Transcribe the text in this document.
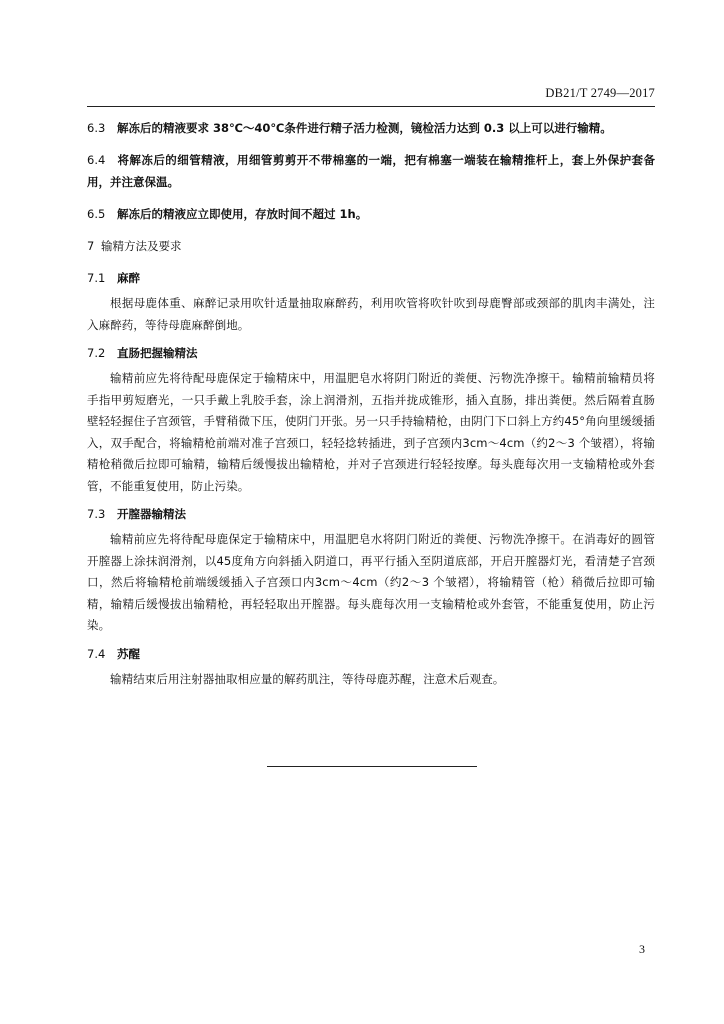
DB21/T 2749—2017

6.3 解冻后的精液要求 38℃～40℃条件进行精子活力检测，镜检活力达到 0.3 以上可以进行输精。

6.4 将解冻后的细管精液，用细管剪剪开不带棉塞的一端，把有棉塞一端装在输精推杆上，套上外保护套备用，并注意保温。

6.5 解冻后的精液应立即使用，存放时间不超过 1h。

7 输精方法及要求
7.1 麻醉

根据母鹿体重、麻醉记录用吹针适量抽取麻醉药，利用吹管将吹针吹到母鹿臀部或颈部的肌肉丰满处，注入麻醉药，等待母鹿麻醉倒地。

7.2 直肠把握输精法

输精前应先将待配母鹿保定于输精床中，用温肥皂水将阴门附近的粪便、污物洗净擦干。输精前输精员将手指甲剪短磨光，一只手戴上乳胶手套，涂上润滑剂，五指并拢成锥形，插入直肠，排出粪便。然后隔着直肠壁轻轻握住子宫颈管，手臂稍微下压，使阴门开张。另一只手持输精枪，由阴门下口斜上方约45°角向里缓缓插入，双手配合，将输精枪前端对准子宫颈口，轻轻捻转插进，到子宫颈内3cm～4cm（约2～3 个皱褶），将输精枪稍微后拉即可输精，输精后缓慢拔出输精枪，并对子宫颈进行轻轻按摩。每头鹿每次用一支输精枪或外套管，不能重复使用，防止污染。

7.3 开膣器输精法

输精前应先将待配母鹿保定于输精床中，用温肥皂水将阴门附近的粪便、污物洗净擦干。在消毒好的圆管开膣器上涂抹润滑剂，以45度角方向斜插入阴道口，再平行插入至阴道底部，开启开膣器灯光，看清楚子宫颈口，然后将输精枪前端缓缓插入子宫颈口内3cm～4cm（约2～3 个皱褶），将输精管（枪）稍微后拉即可输精，输精后缓慢拔出输精枪，再轻轻取出开膣器。每头鹿每次用一支输精枪或外套管，不能重复使用，防止污染。

7.4 苏醒

输精结束后用注射器抽取相应量的解药肌注，等待母鹿苏醒，注意术后观查。

3
